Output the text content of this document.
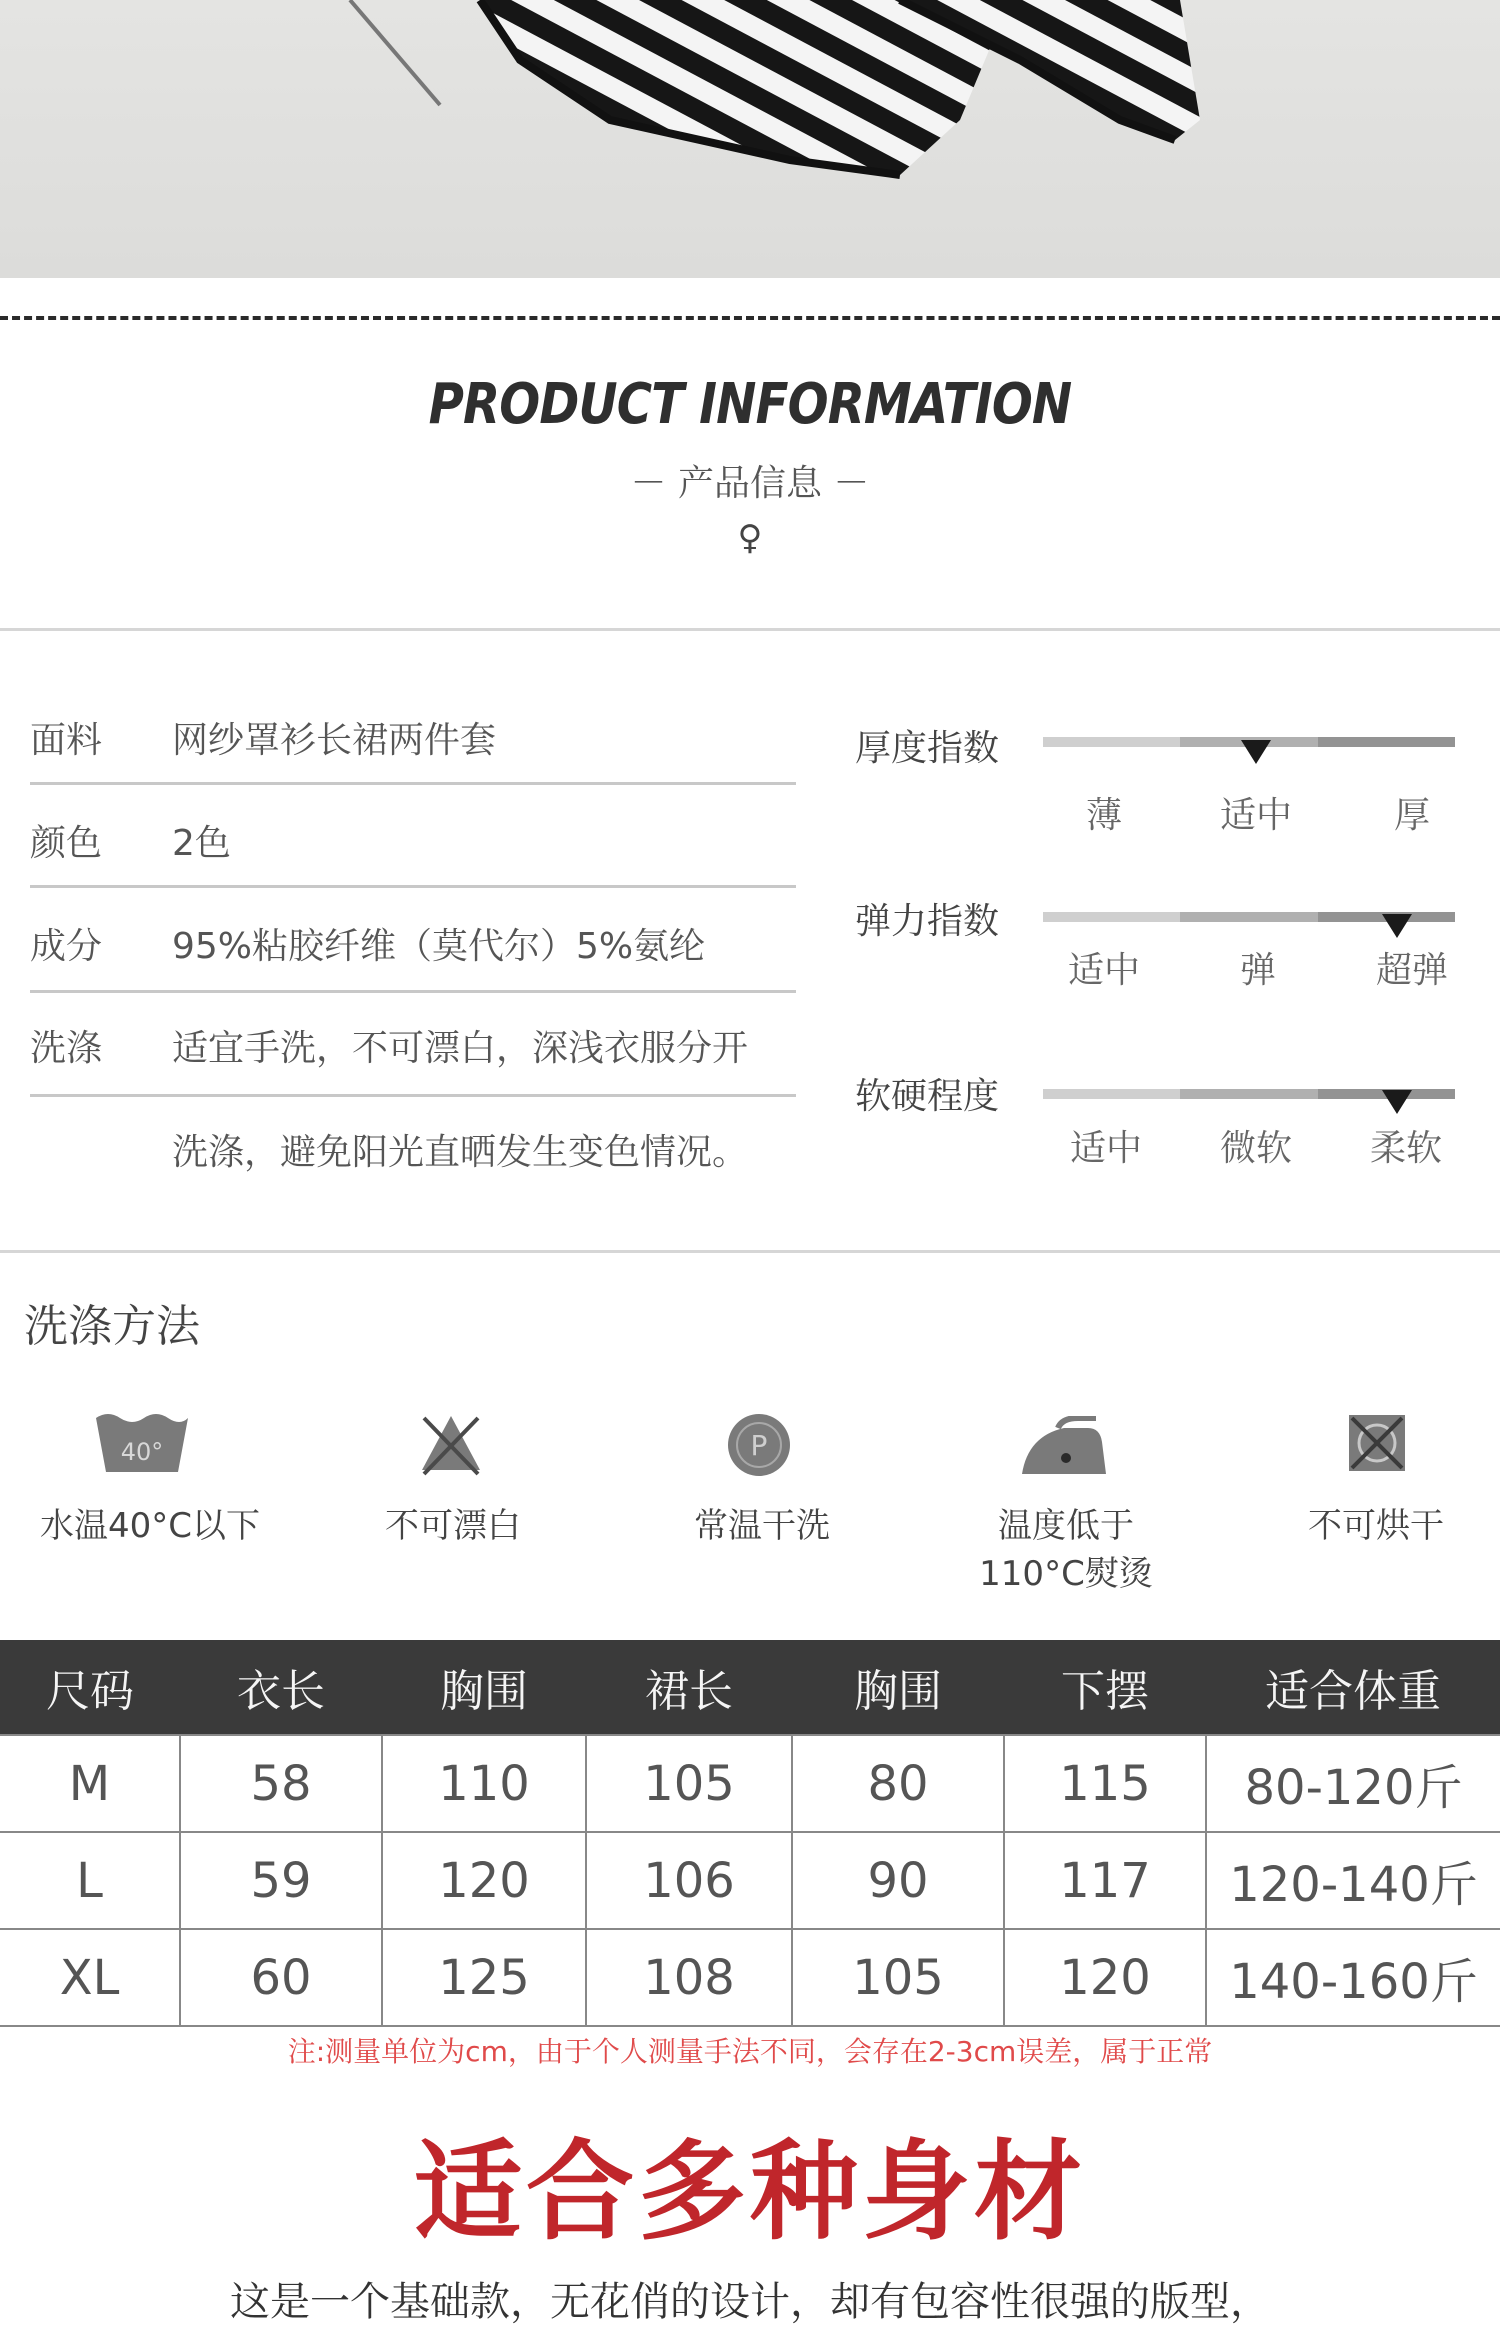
PRODUCT INFORMATION
－ 产品信息 －
♀
面料 网纱罩衫长裙两件套
颜色 2色
成分 95%粘胶纤维（莫代尔）5%氨纶
洗涤 适宜手洗，不可漂白，深浅衣服分开
洗涤，避免阳光直晒发生变色情况。
厚度指数
薄	适中	厚
弹力指数
适中	弹	超弹
软硬程度
适中	微软	柔软
洗涤方法
40°
水温40°C以下	不可漂白
P
常温干洗	温度低于 110°C熨烫
不可烘干
尺码	衣长	胸围	裙长	胸围	下摆	适合体重
M	58	110	105	80	115	80-120斤
L	59	120	106	90	117	120-140斤
XL	60	125	108	105	120	140-160斤
注:测量单位为cm，由于个人测量手法不同，会存在2-3cm误差，属于正常
适合多种身材
这是一个基础款，无花俏的设计，却有包容性很强的版型，
